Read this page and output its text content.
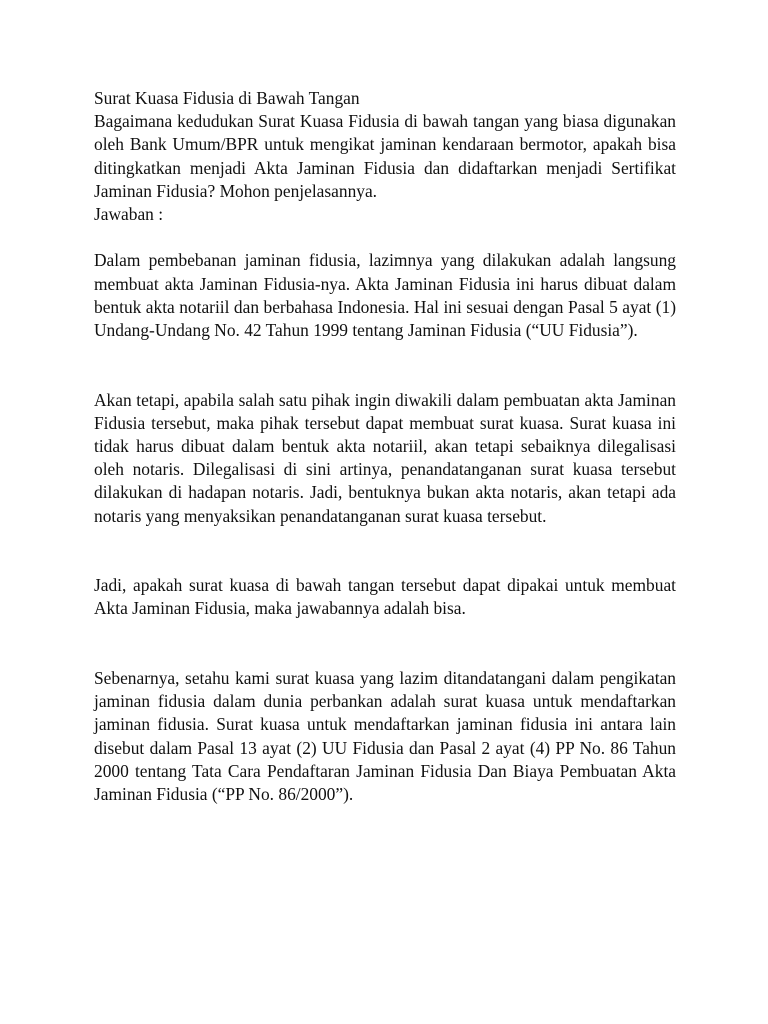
Surat Kuasa Fidusia di Bawah Tangan

Bagaimana kedudukan Surat Kuasa Fidusia di bawah tangan yang biasa digunakan oleh Bank Umum/BPR untuk mengikat jaminan kendaraan bermotor, apakah bisa ditingkatkan menjadi Akta Jaminan Fidusia dan didaftarkan menjadi Sertifikat Jaminan Fidusia? Mohon penjelasannya.

Jawaban :

Dalam pembebanan jaminan fidusia, lazimnya yang dilakukan adalah langsung membuat akta Jaminan Fidusia-nya. Akta Jaminan Fidusia ini harus dibuat dalam bentuk akta notariil dan berbahasa Indonesia. Hal ini sesuai dengan Pasal 5 ayat (1) Undang-Undang No. 42 Tahun 1999 tentang Jaminan Fidusia (“UU Fidusia”).

Akan tetapi, apabila salah satu pihak ingin diwakili dalam pembuatan akta Jaminan Fidusia tersebut, maka pihak tersebut dapat membuat surat kuasa. Surat kuasa ini tidak harus dibuat dalam bentuk akta notariil, akan tetapi sebaiknya dilegalisasi oleh notaris. Dilegalisasi di sini artinya, penandatanganan surat kuasa tersebut dilakukan di hadapan notaris. Jadi, bentuknya bukan akta notaris, akan tetapi ada notaris yang menyaksikan penandatanganan surat kuasa tersebut.

Jadi, apakah surat kuasa di bawah tangan tersebut dapat dipakai untuk membuat Akta Jaminan Fidusia, maka jawabannya adalah bisa.

Sebenarnya, setahu kami surat kuasa yang lazim ditandatangani dalam pengikatan jaminan fidusia dalam dunia perbankan adalah surat kuasa untuk mendaftarkan jaminan fidusia. Surat kuasa untuk mendaftarkan jaminan fidusia ini antara lain disebut dalam Pasal 13 ayat (2) UU Fidusia dan Pasal 2 ayat (4) PP No. 86 Tahun 2000 tentang Tata Cara Pendaftaran Jaminan Fidusia Dan Biaya Pembuatan Akta Jaminan Fidusia (“PP No. 86/2000”).
